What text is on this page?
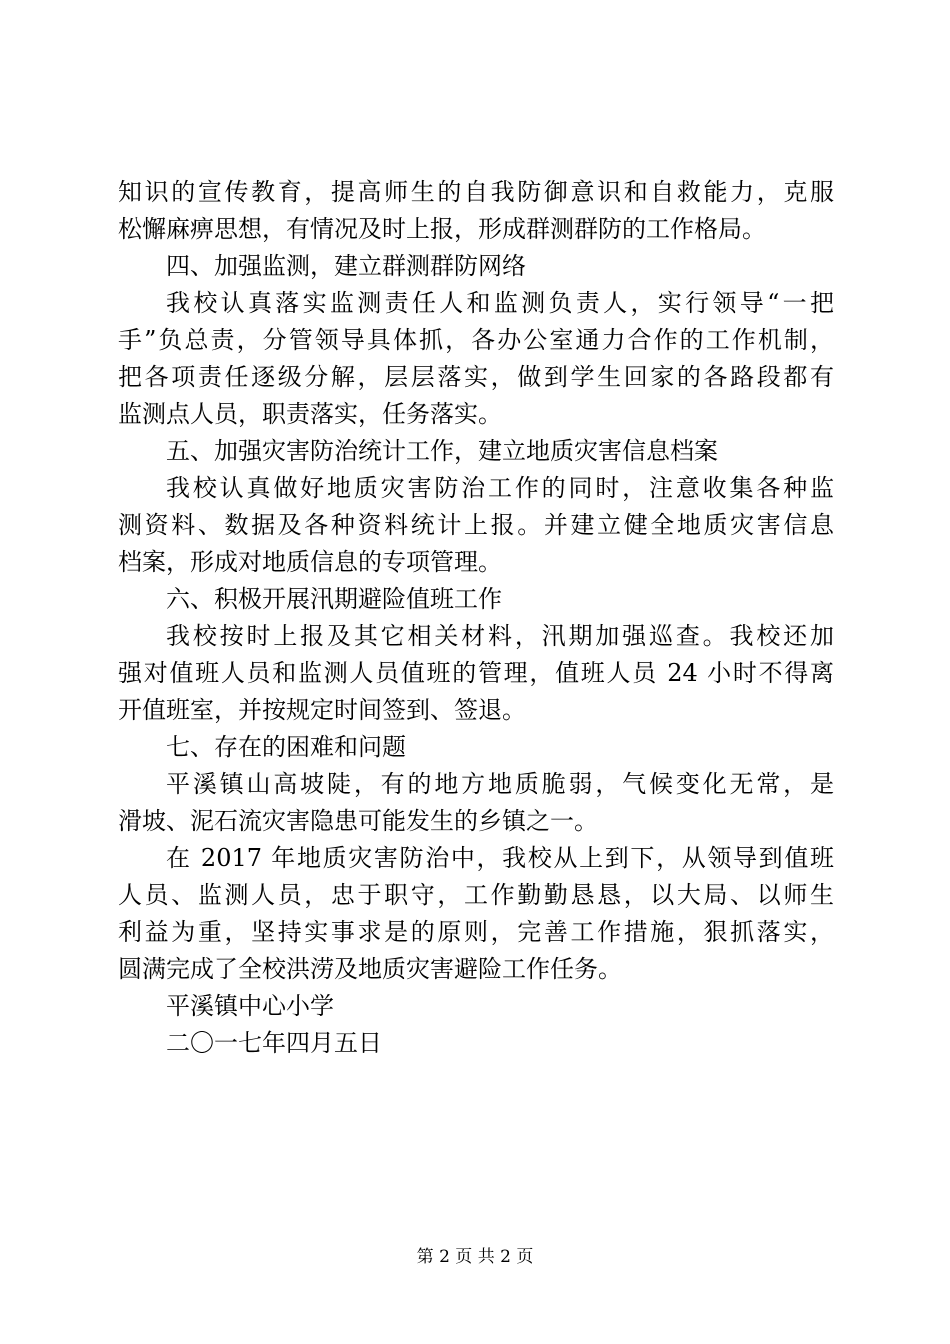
知识的宣传教育，提高师生的自我防御意识和自救能力，克服
松懈麻痹思想，有情况及时上报，形成群测群防的工作格局。
四、加强监测，建立群测群防网络
我校认真落实监测责任人和监测负责人，实行领导“一把
手”负总责，分管领导具体抓，各办公室通力合作的工作机制，
把各项责任逐级分解，层层落实，做到学生回家的各路段都有
监测点人员，职责落实，任务落实。
五、加强灾害防治统计工作，建立地质灾害信息档案
我校认真做好地质灾害防治工作的同时，注意收集各种监
测资料、数据及各种资料统计上报。并建立健全地质灾害信息
档案，形成对地质信息的专项管理。
六、积极开展汛期避险值班工作
我校按时上报及其它相关材料，汛期加强巡查。我校还加
强对值班人员和监测人员值班的管理，值班人员 24 小时不得离
开值班室，并按规定时间签到、签退。
七、存在的困难和问题
平溪镇山高坡陡，有的地方地质脆弱，气候变化无常，是
滑坡、泥石流灾害隐患可能发生的乡镇之一。
在 2017 年地质灾害防治中，我校从上到下，从领导到值班
人员、监测人员，忠于职守，工作勤勤恳恳，以大局、以师生
利益为重，坚持实事求是的原则，完善工作措施，狠抓落实，
圆满完成了全校洪涝及地质灾害避险工作任务。
平溪镇中心小学
二〇一七年四月五日
第 2 页 共 2 页
